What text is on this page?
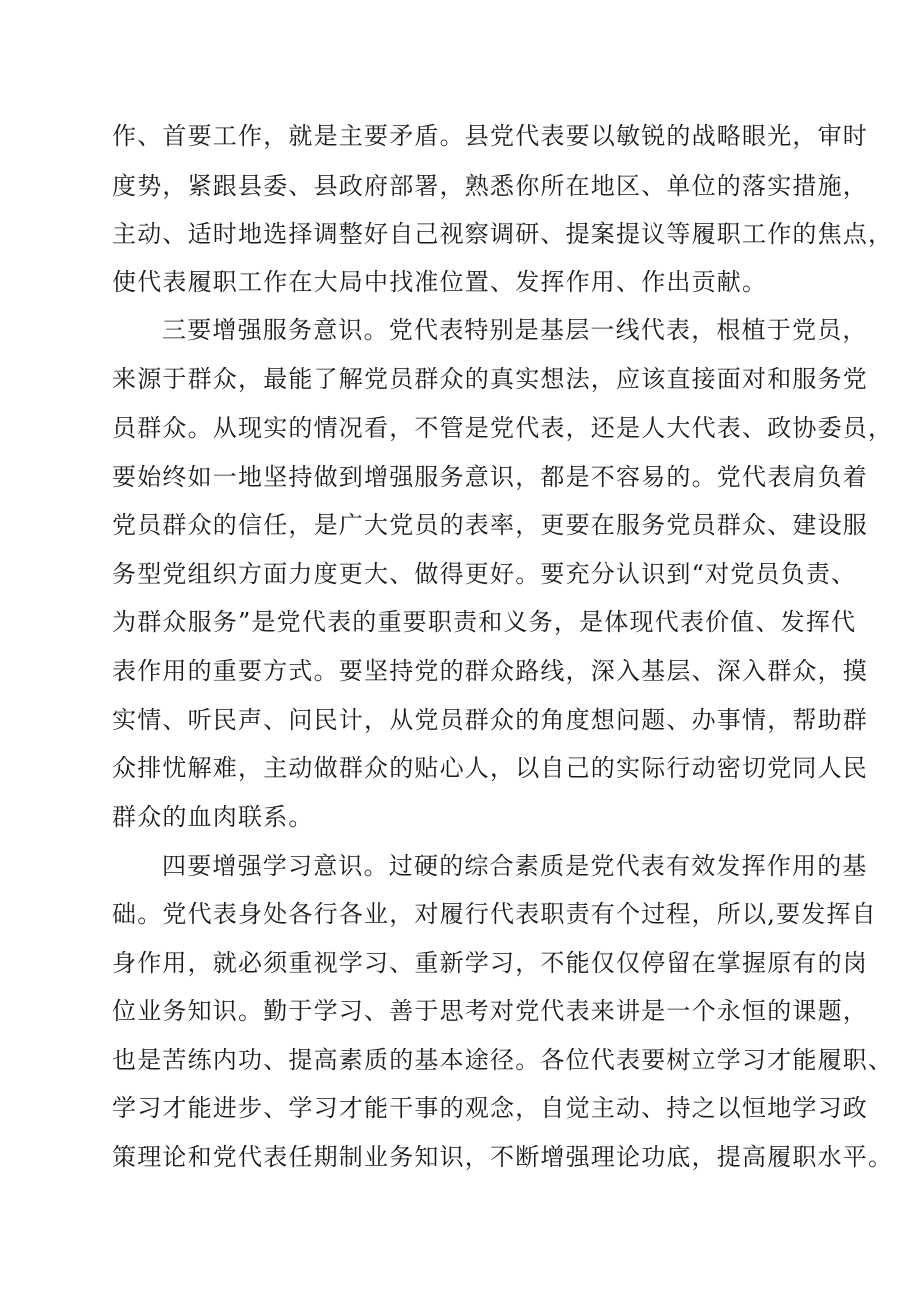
作、首要工作，就是主要矛盾。县党代表要以敏锐的战略眼光，审时
度势，紧跟县委、县政府部署，熟悉你所在地区、单位的落实措施，
主动、适时地选择调整好自己视察调研、提案提议等履职工作的焦点，
使代表履职工作在大局中找准位置、发挥作用、作出贡献。
三要增强服务意识。党代表特别是基层一线代表，根植于党员，
来源于群众，最能了解党员群众的真实想法，应该直接面对和服务党
员群众。从现实的情况看，不管是党代表，还是人大代表、政协委员，
要始终如一地坚持做到增强服务意识，都是不容易的。党代表肩负着
党员群众的信任，是广大党员的表率，更要在服务党员群众、建设服
务型党组织方面力度更大、做得更好。要充分认识到“对党员负责、
为群众服务”是党代表的重要职责和义务，是体现代表价值、发挥代
表作用的重要方式。要坚持党的群众路线，深入基层、深入群众，摸
实情、听民声、问民计，从党员群众的角度想问题、办事情，帮助群
众排忧解难，主动做群众的贴心人，以自己的实际行动密切党同人民
群众的血肉联系。
四要增强学习意识。过硬的综合素质是党代表有效发挥作用的基
础。党代表身处各行各业，对履行代表职责有个过程，所以,要发挥自
身作用，就必须重视学习、重新学习，不能仅仅停留在掌握原有的岗
位业务知识。勤于学习、善于思考对党代表来讲是一个永恒的课题，
也是苦练内功、提高素质的基本途径。各位代表要树立学习才能履职、
学习才能进步、学习才能干事的观念，自觉主动、持之以恒地学习政
策理论和党代表任期制业务知识，不断增强理论功底，提高履职水平。
